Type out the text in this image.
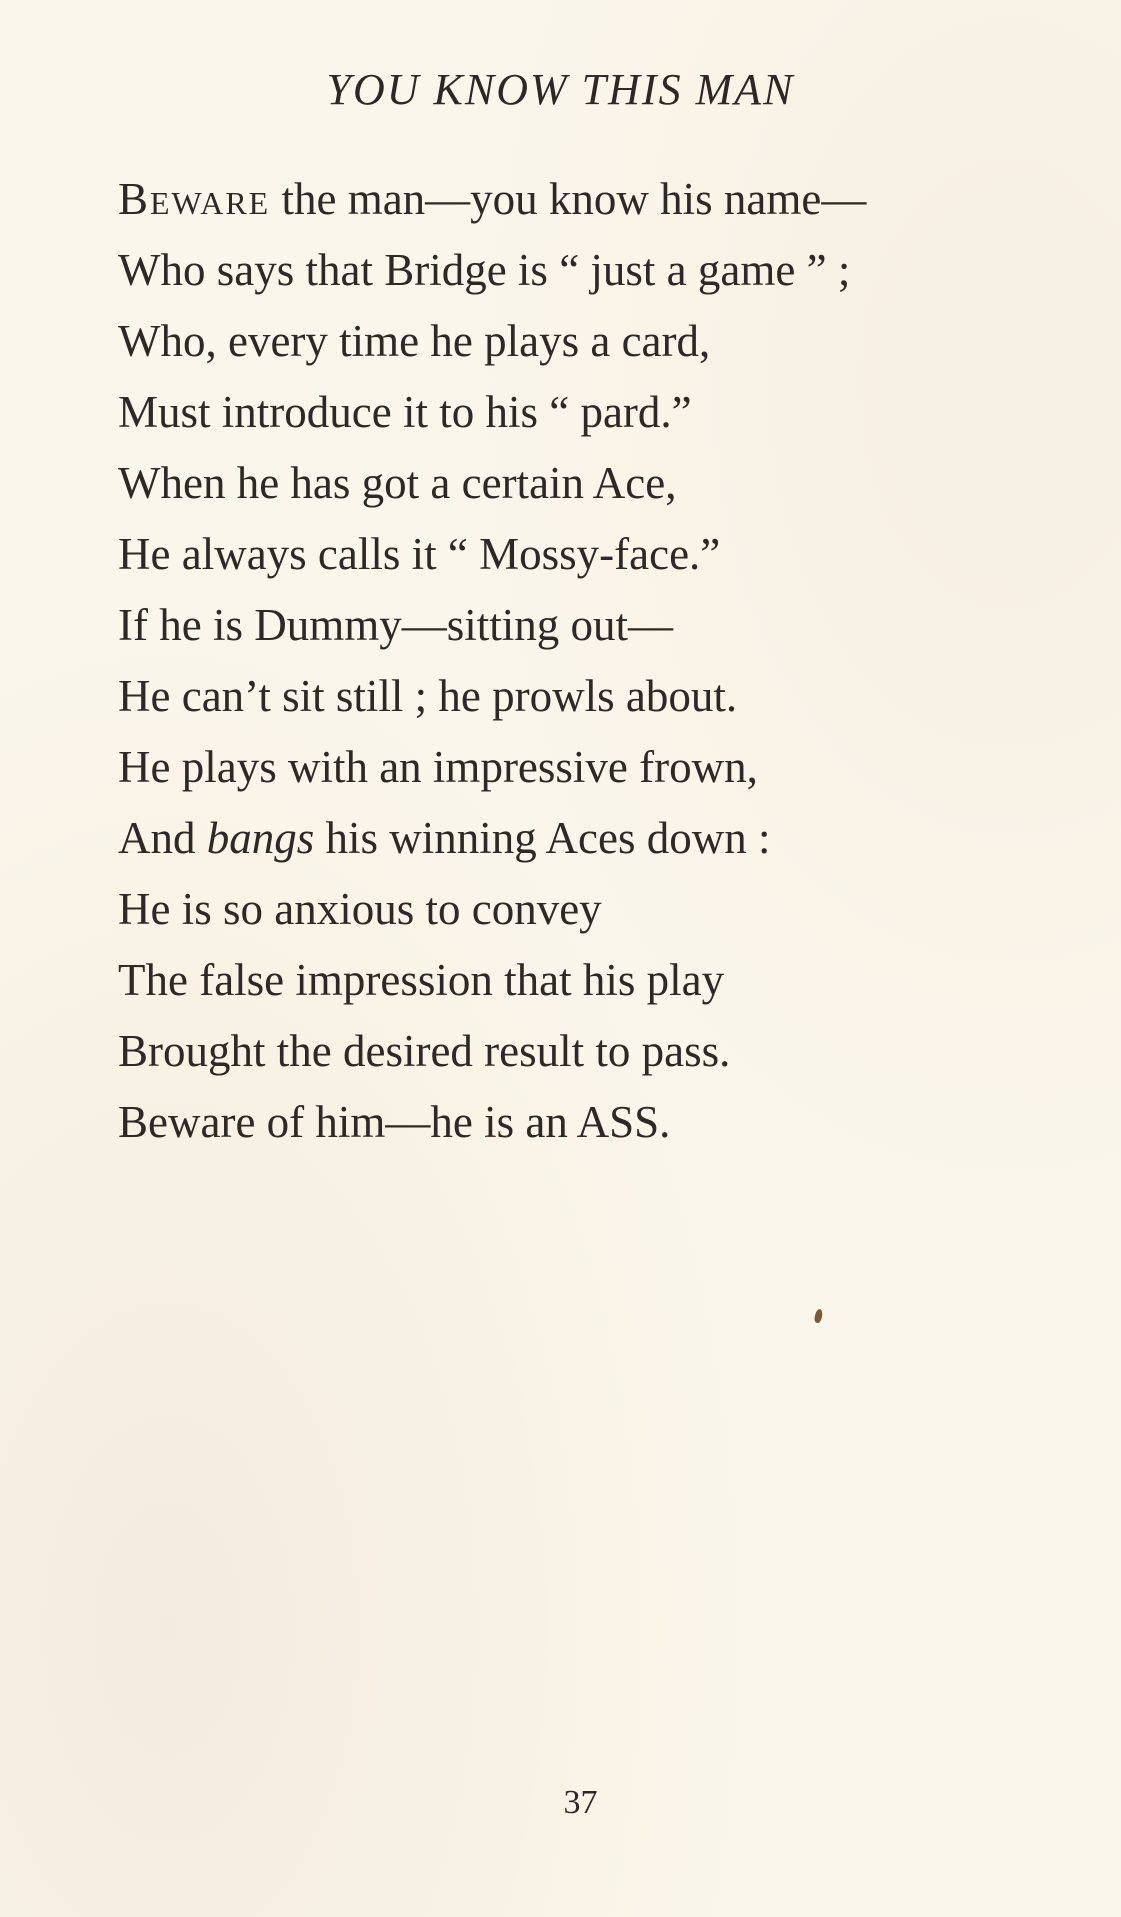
YOU KNOW THIS MAN
Beware the man—you know his name—
Who says that Bridge is “ just a game ” ;
Who, every time he plays a card,
Must introduce it to his “ pard.”
When he has got a certain Ace,
He always calls it “ Mossy-face.”
If he is Dummy—sitting out—
He can’t sit still ; he prowls about.
He plays with an impressive frown,
And bangs his winning Aces down :
He is so anxious to convey
The false impression that his play
Brought the desired result to pass.
Beware of him—he is an ASS.
37
